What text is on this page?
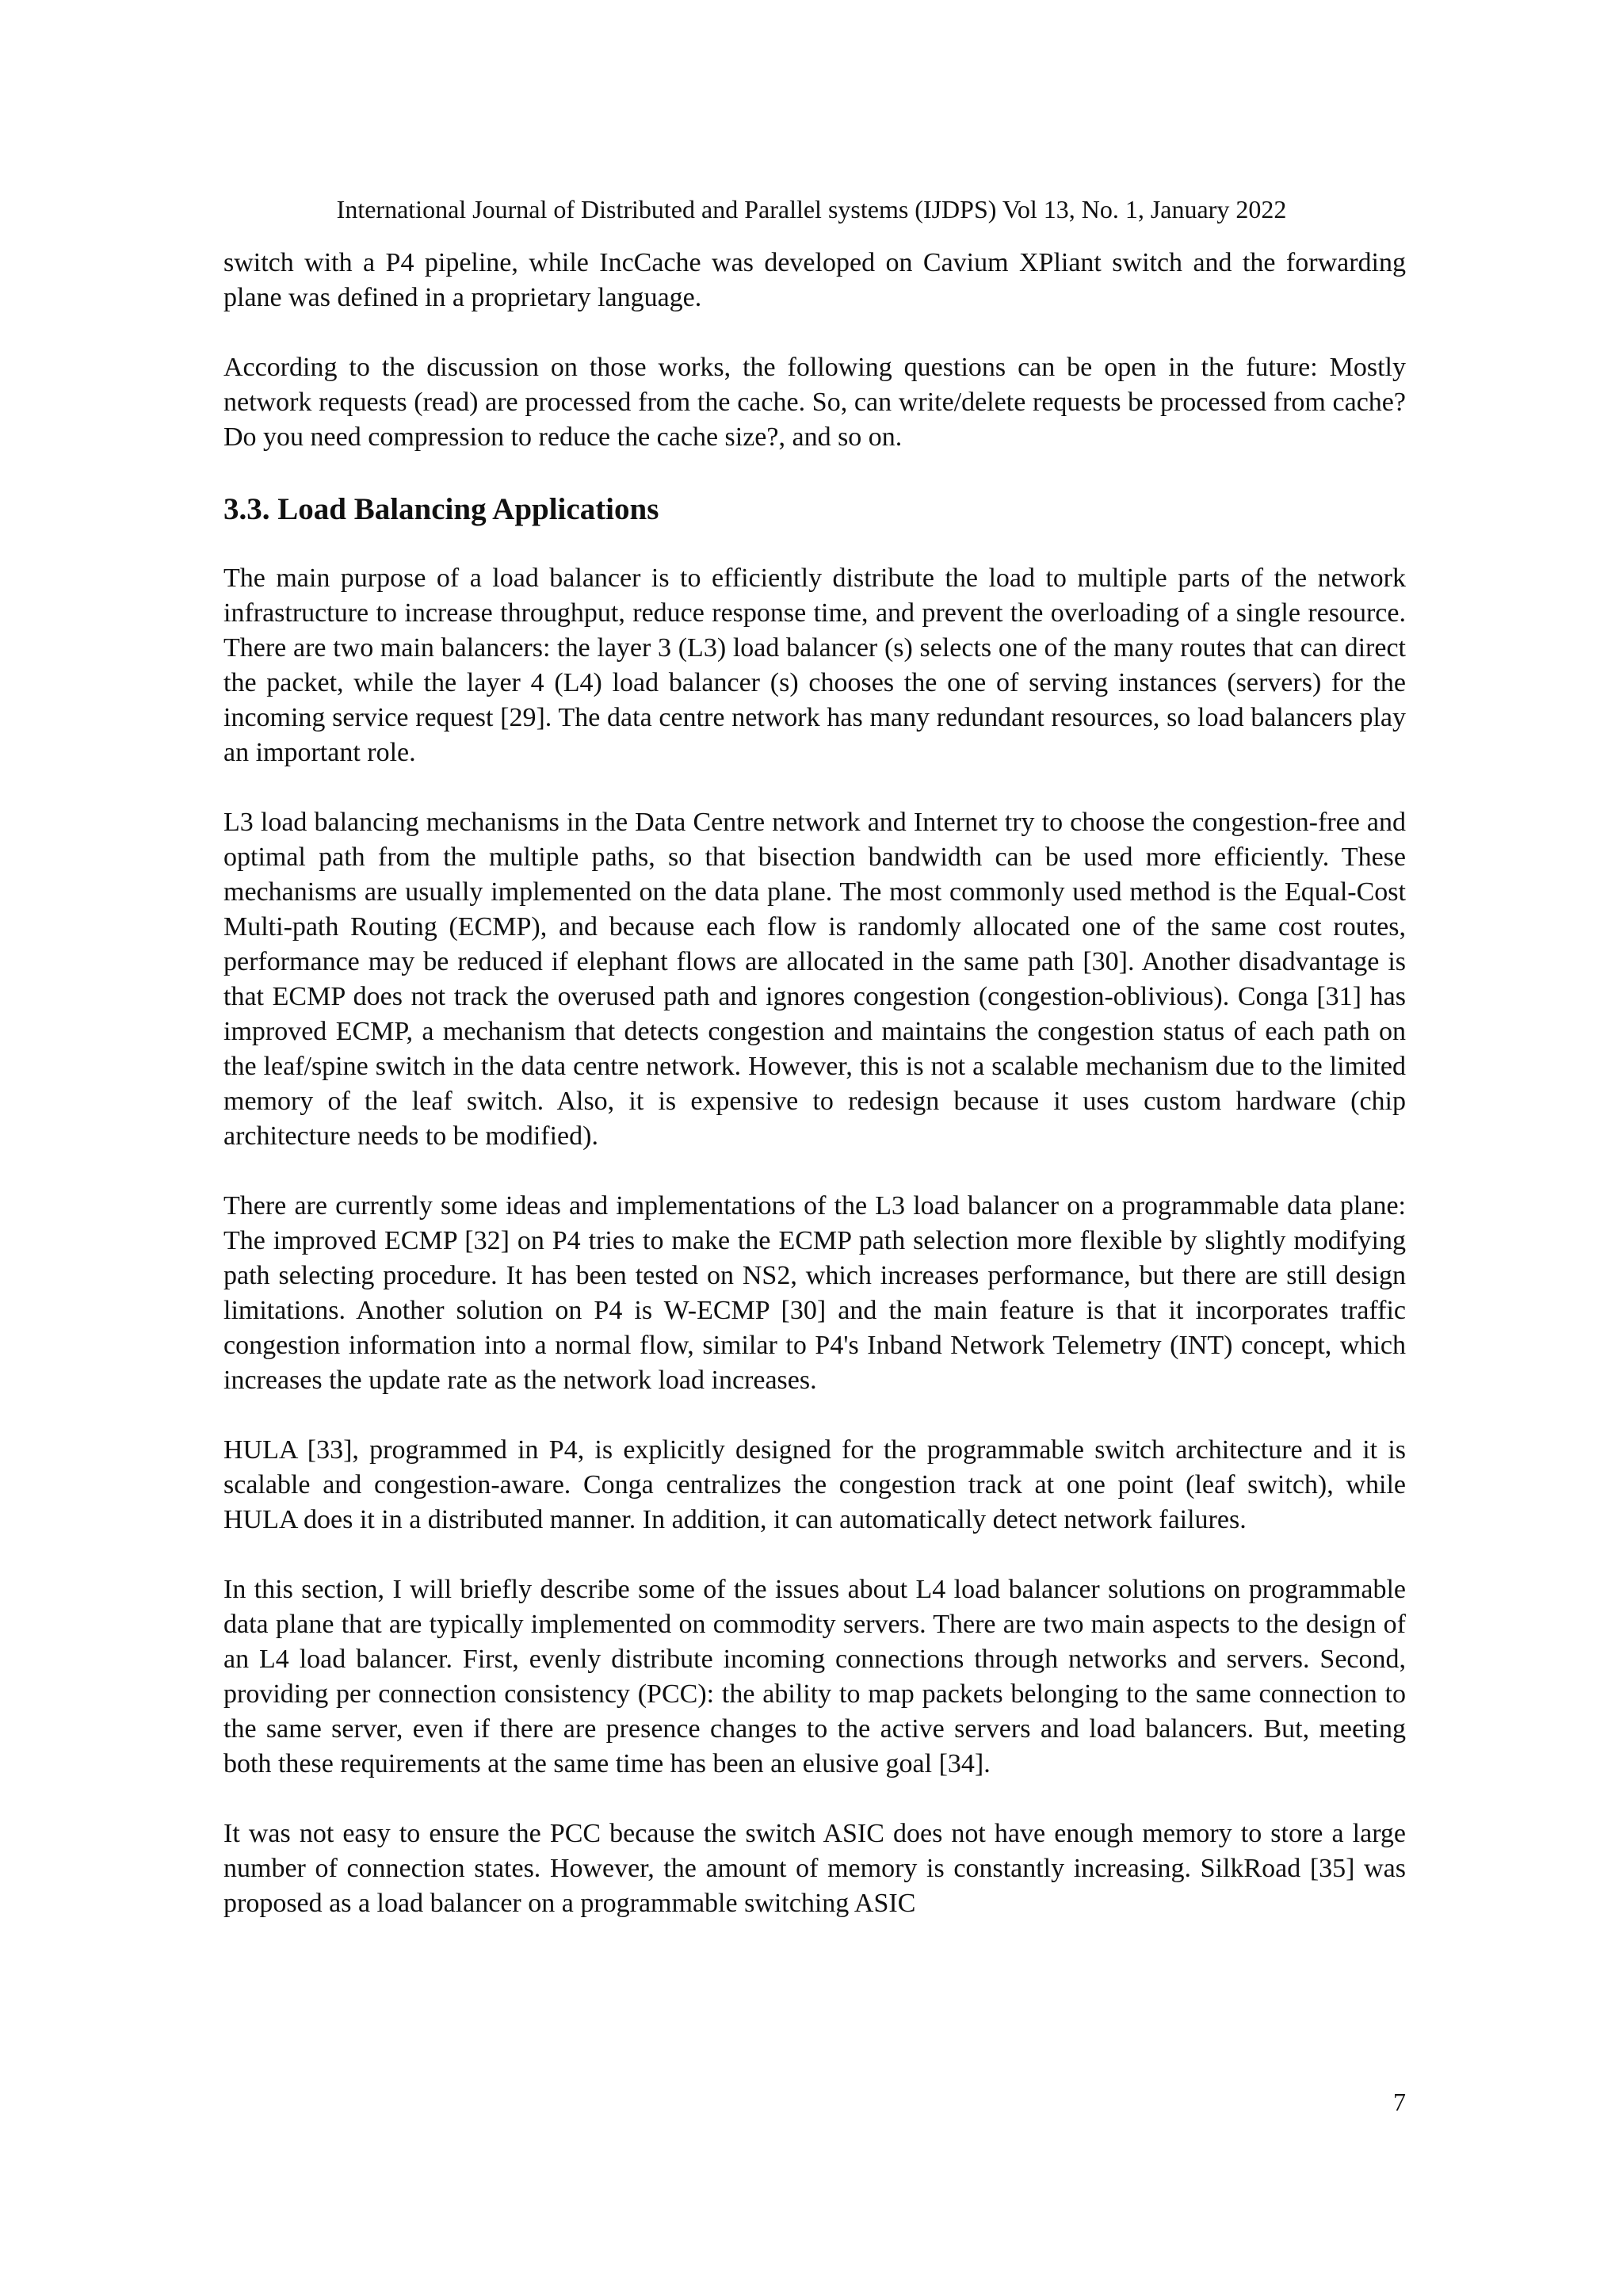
International Journal of Distributed and Parallel systems (IJDPS) Vol 13, No. 1, January 2022

switch with a P4 pipeline, while IncCache was developed on Cavium XPliant switch and the forwarding plane was defined in a proprietary language.

According to the discussion on those works, the following questions can be open in the future: Mostly network requests (read) are processed from the cache. So, can write/delete requests be processed from cache? Do you need compression to reduce the cache size?, and so on.

3.3. Load Balancing Applications

The main purpose of a load balancer is to efficiently distribute the load to multiple parts of the network infrastructure to increase throughput, reduce response time, and prevent the overloading of a single resource. There are two main balancers: the layer 3 (L3) load balancer (s) selects one of the many routes that can direct the packet, while the layer 4 (L4) load balancer (s) chooses the one of serving instances (servers) for the incoming service request [29]. The data centre network has many redundant resources, so load balancers play an important role.

L3 load balancing mechanisms in the Data Centre network and Internet try to choose the congestion-free and optimal path from the multiple paths, so that bisection bandwidth can be used more efficiently. These mechanisms are usually implemented on the data plane. The most commonly used method is the Equal-Cost Multi-path Routing (ECMP), and because each flow is randomly allocated one of the same cost routes, performance may be reduced if elephant flows are allocated in the same path [30]. Another disadvantage is that ECMP does not track the overused path and ignores congestion (congestion-oblivious). Conga [31] has improved ECMP, a mechanism that detects congestion and maintains the congestion status of each path on the leaf/spine switch in the data centre network. However, this is not a scalable mechanism due to the limited memory of the leaf switch. Also, it is expensive to redesign because it uses custom hardware (chip architecture needs to be modified).

There are currently some ideas and implementations of the L3 load balancer on a programmable data plane: The improved ECMP [32] on P4 tries to make the ECMP path selection more flexible by slightly modifying path selecting procedure. It has been tested on NS2, which increases performance, but there are still design limitations. Another solution on P4 is W-ECMP [30] and the main feature is that it incorporates traffic congestion information into a normal flow, similar to P4's Inband Network Telemetry (INT) concept, which increases the update rate as the network load increases.

HULA [33], programmed in P4, is explicitly designed for the programmable switch architecture and it is scalable and congestion-aware. Conga centralizes the congestion track at one point (leaf switch), while HULA does it in a distributed manner. In addition, it can automatically detect network failures.

In this section, I will briefly describe some of the issues about L4 load balancer solutions on programmable data plane that are typically implemented on commodity servers. There are two main aspects to the design of an L4 load balancer. First, evenly distribute incoming connections through networks and servers. Second, providing per connection consistency (PCC): the ability to map packets belonging to the same connection to the same server, even if there are presence changes to the active servers and load balancers. But, meeting both these requirements at the same time has been an elusive goal [34].

It was not easy to ensure the PCC because the switch ASIC does not have enough memory to store a large number of connection states. However, the amount of memory is constantly increasing. SilkRoad [35] was proposed as a load balancer on a programmable switching ASIC

7
